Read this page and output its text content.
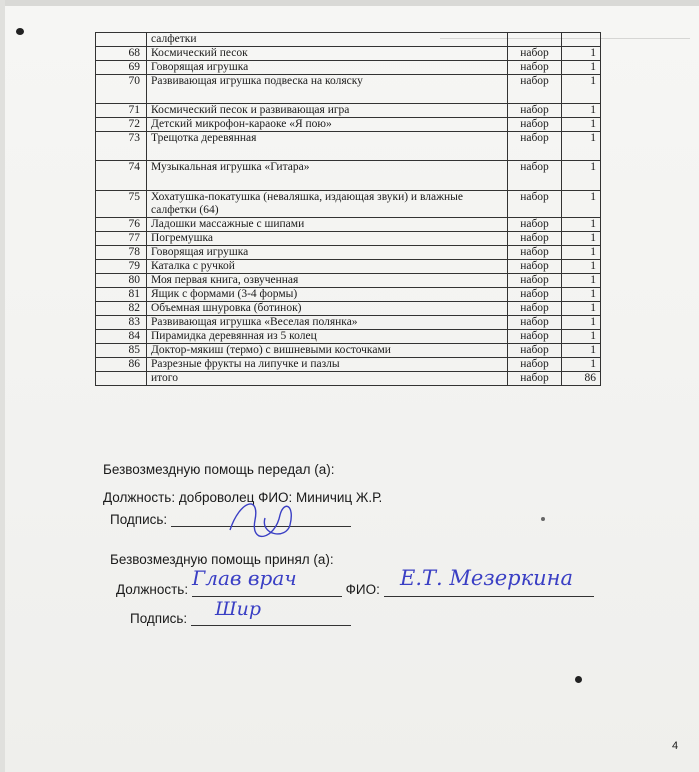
	салфетки		
68	Космический песок	набор	1
69	Говорящая игрушка	набор	1
70	Развивающая игрушка подвеска на коляску	набор	1
71	Космический песок и развивающая игра	набор	1
72	Детский микрофон-караоке «Я пою»	набор	1
73	Трещотка деревянная	набор	1
74	Музыкальная игрушка «Гитара»	набор	1
75	Хохатушка-покатушка (неваляшка, издающая звуки) и влажные салфетки (64)	набор	1
76	Ладошки массажные с шипами	набор	1
77	Погремушка	набор	1
78	Говорящая игрушка	набор	1
79	Каталка с ручкой	набор	1
80	Моя первая книга, озвученная	набор	1
81	Ящик с формами (3-4 формы)	набор	1
82	Объемная шнуровка (ботинок)	набор	1
83	Развивающая игрушка «Веселая полянка»	набор	1
84	Пирамидка деревянная из 5 колец	набор	1
85	Доктор-мякиш (термо) с вишневыми косточками	набор	1
86	Разрезные фрукты на липучке и пазлы	набор	1
	итого	набор	86
Безвозмездную помощь передал (а):
Должность: доброволец ФИО: Миничиц Ж.Р.
Подпись:
Безвозмездную помощь принял (а):
Должность:	ФИО:
Глав врач	Е.Т. Мезеркина
Подпись:	Шир
4
